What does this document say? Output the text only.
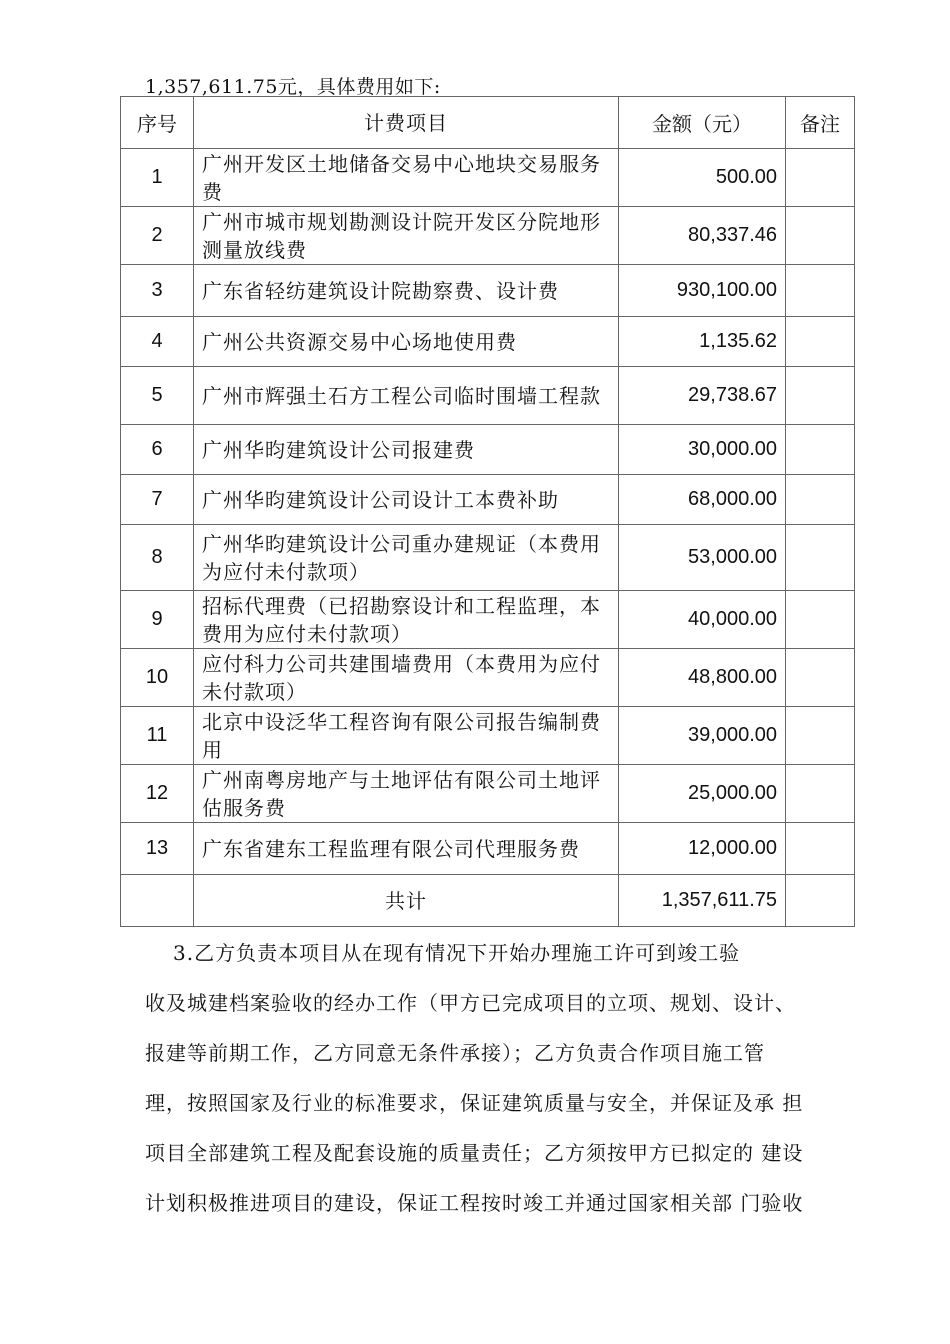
1,357,611.75元，具体费用如下:
序号	计费项目	金额（元）	备注
1	广州开发区土地储备交易中心地块交易服务费	500.00	
2	广州市城市规划勘测设计院开发区分院地形测量放线费	80,337.46	
3	广东省轻纺建筑设计院勘察费、设计费	930,100.00	
4	广州公共资源交易中心场地使用费	1,135.62	
5	广州市辉强土石方工程公司临时围墙工程款	29,738.67	
6	广州华昀建筑设计公司报建费	30,000.00	
7	广州华昀建筑设计公司设计工本费补助	68,000.00	
8	广州华昀建筑设计公司重办建规证（本费用为应付未付款项）	53,000.00	
9	招标代理费（已招勘察设计和工程监理，本费用为应付未付款项）	40,000.00	
10	应付科力公司共建围墙费用（本费用为应付未付款项）	48,800.00	
11	北京中设泛华工程咨询有限公司报告编制费用	39,000.00	
12	广州南粤房地产与土地评估有限公司土地评估服务费	25,000.00	
13	广东省建东工程监理有限公司代理服务费	12,000.00	
	共计	1,357,611.75	

3.乙方负责本项目从在现有情况下开始办理施工许可到竣工验

收及城建档案验收的经办工作（甲方已完成项目的立项、规划、设计、

报建等前期工作，乙方同意无条件承接）；乙方负责合作项目施工管

理，按照国家及行业的标准要求，保证建筑质量与安全，并保证及承 担

项目全部建筑工程及配套设施的质量责任；乙方须按甲方已拟定的 建设

计划积极推进项目的建设，保证工程按时竣工并通过国家相关部 门验收
